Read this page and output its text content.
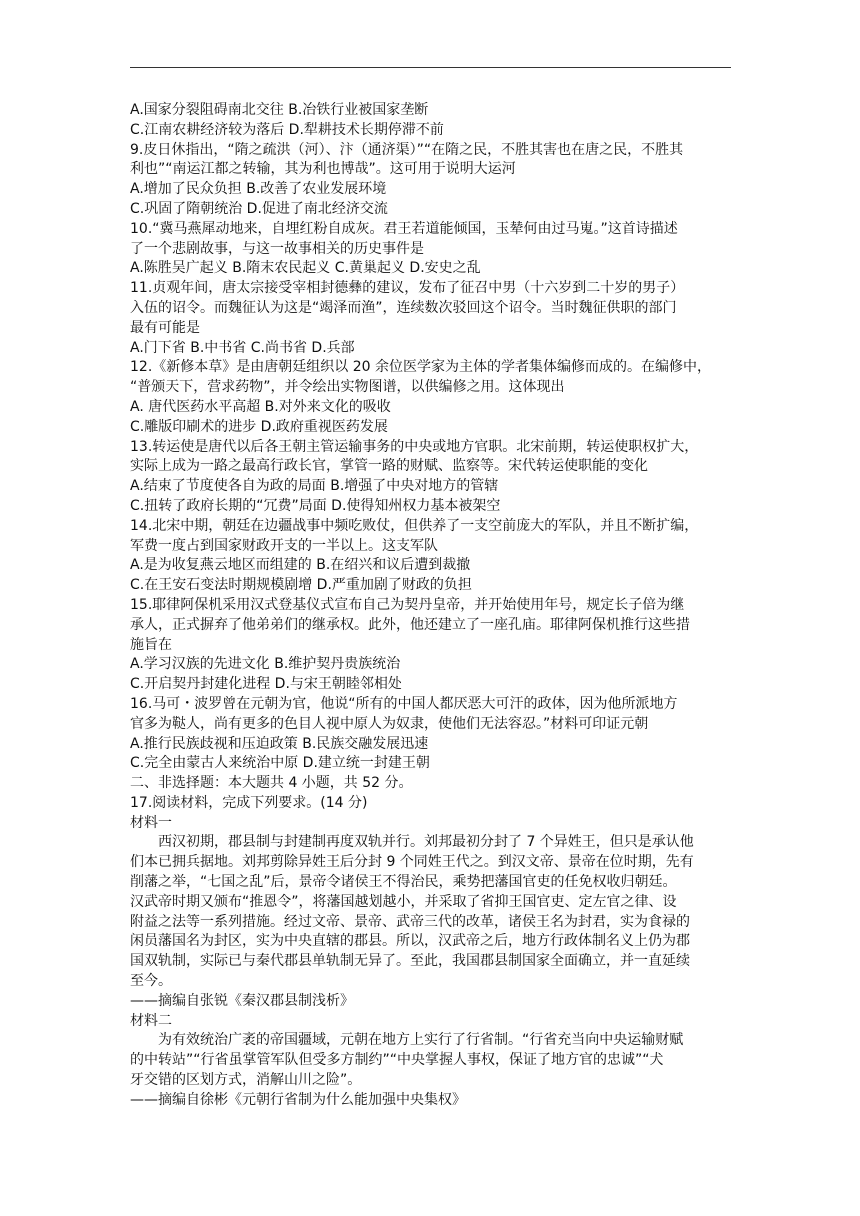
A.国家分裂阻碍南北交往 B.冶铁行业被国家垄断
C.江南农耕经济较为落后 D.犁耕技术长期停滞不前
9.皮日休指出，“隋之疏洪（河）、汴（通济渠）”“在隋之民，不胜其害也在唐之民，不胜其
利也”“南运江都之转输，其为利也博哉”。这可用于说明大运河
A.增加了民众负担 B.改善了农业发展环境
C.巩固了隋朝统治 D.促进了南北经济交流
10.“冀马燕犀动地来，自埋红粉自成灰。君王若道能倾国，玉辇何由过马嵬。”这首诗描述
了一个悲剧故事，与这一故事相关的历史事件是
A.陈胜吴广起义 B.隋末农民起义 C.黄巢起义 D.安史之乱
11.贞观年间，唐太宗接受宰相封德彝的建议，发布了征召中男（十六岁到二十岁的男子）
入伍的诏令。而魏征认为这是“竭泽而渔”，连续数次驳回这个诏令。当时魏征供职的部门
最有可能是
A.门下省 B.中书省 C.尚书省 D.兵部
12.《新修本草》是由唐朝廷组织以 20 余位医学家为主体的学者集体编修而成的。在编修中，
“普颁天下，营求药物”，并令绘出实物图谱，以供编修之用。这体现出
A. 唐代医药水平高超 B.对外来文化的吸收
C.雕版印刷术的进步 D.政府重视医药发展
13.转运使是唐代以后各王朝主管运输事务的中央或地方官职。北宋前期，转运使职权扩大，
实际上成为一路之最高行政长官，掌管一路的财赋、监察等。宋代转运使职能的变化
A.结束了节度使各自为政的局面 B.增强了中央对地方的管辖
C.扭转了政府长期的“冗费”局面 D.使得知州权力基本被架空
14.北宋中期，朝廷在边疆战事中频吃败仗，但供养了一支空前庞大的军队，并且不断扩编，
军费一度占到国家财政开支的一半以上。这支军队
A.是为收复燕云地区而组建的 B.在绍兴和议后遭到裁撤
C.在王安石变法时期规模剧增 D.严重加剧了财政的负担
15.耶律阿保机采用汉式登基仪式宣布自己为契丹皇帝，并开始使用年号，规定长子倍为继
承人，正式摒弃了他弟弟们的继承权。此外，他还建立了一座孔庙。耶律阿保机推行这些措
施旨在
A.学习汉族的先进文化 B.维护契丹贵族统治
C.开启契丹封建化进程 D.与宋王朝睦邻相处
16.马可・波罗曾在元朝为官，他说“所有的中国人都厌恶大可汗的政体，因为他所派地方
官多为鞑人，尚有更多的色目人视中原人为奴隶，使他们无法容忍。”材料可印证元朝
A.推行民族歧视和压迫政策 B.民族交融发展迅速
C.完全由蒙古人来统治中原 D.建立统一封建王朝
二、非选择题：本大题共 4 小题，共 52 分。
17.阅读材料，完成下列要求。(14 分)
材料一
西汉初期，郡县制与封建制再度双轨并行。刘邦最初分封了 7 个异姓王，但只是承认他
们本已拥兵据地。刘邦剪除异姓王后分封 9 个同姓王代之。到汉文帝、景帝在位时期，先有
削藩之举，“七国之乱”后，景帝令诸侯王不得治民，乘势把藩国官吏的任免权收归朝廷。
汉武帝时期又颁布“推恩令”，将藩国越划越小，并采取了省抑王国官吏、定左官之律、设
附益之法等一系列措施。经过文帝、景帝、武帝三代的改革，诸侯王名为封君，实为食禄的
闲员藩国名为封区，实为中央直辖的郡县。所以，汉武帝之后，地方行政体制名义上仍为郡
国双轨制，实际已与秦代郡县单轨制无异了。至此，我国郡县制国家全面确立，并一直延续
至今。
——摘编自张锐《秦汉郡县制浅析》
材料二
为有效统治广袤的帝国疆域，元朝在地方上实行了行省制。“行省充当向中央运输财赋
的中转站”“行省虽掌管军队但受多方制约”“中央掌握人事权，保证了地方官的忠诚”“犬
牙交错的区划方式，消解山川之险”。
——摘编自徐彬《元朝行省制为什么能加强中央集权》
